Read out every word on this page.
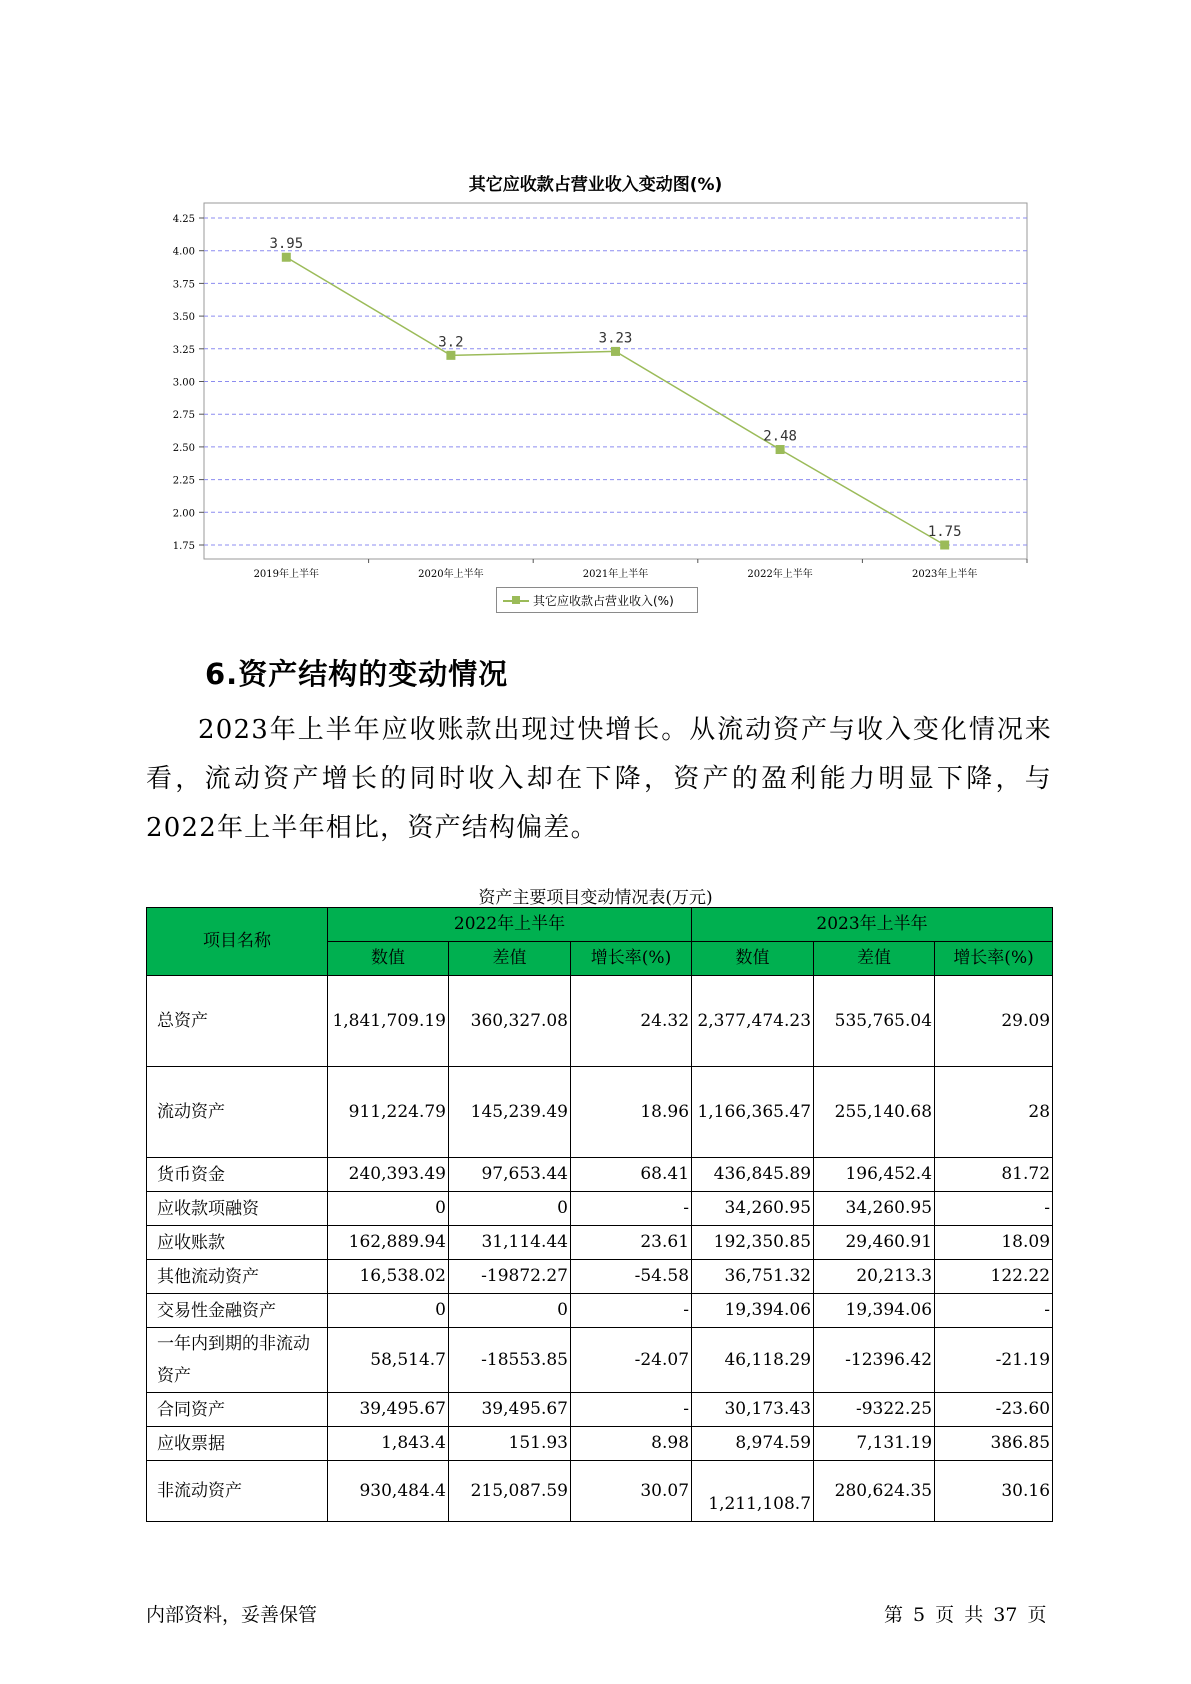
其它应收款占营业收入变动图(%)
1.75
2.00
2.25
2.50
2.75
3.00
3.25
3.50
3.75
4.00
4.25
2019年上半年	2020年上半年	2021年上半年	2022年上半年	2023年上半年
3.95
3.2	3.23
2.48
1.75
其它应收款占营业收入(%)
6.资产结构的变动情况

2023年上半年应收账款出现过快增长。从流动资产与收入变化情况来看，流动资产增长的同时收入却在下降，资产的盈利能力明显下降，与2022年上半年相比，资产结构偏差。

资产主要项目变动情况表(万元)
项目名称	2022年上半年			2023年上半年		
	数值	差值	增长率(%)	数值	差值	增长率(%)
总资产	1,841,709.19	360,327.08	24.32	2,377,474.23	535,765.04	29.09
流动资产	911,224.79	145,239.49	18.96	1,166,365.47	255,140.68	28
货币资金	240,393.49	97,653.44	68.41	436,845.89	196,452.4	81.72
应收款项融资	0	0	-	34,260.95	34,260.95	-
应收账款	162,889.94	31,114.44	23.61	192,350.85	29,460.91	18.09
其他流动资产	16,538.02	-19872.27	-54.58	36,751.32	20,213.3	122.22
交易性金融资产	0	0	-	19,394.06	19,394.06	-
一年内到期的非流动资产	58,514.7	-18553.85	-24.07	46,118.29	-12396.42	-21.19
合同资产	39,495.67	39,495.67	-	30,173.43	-9322.25	-23.60
应收票据	1,843.4	151.93	8.98	8,974.59	7,131.19	386.85
非流动资产	930,484.4	215,087.59	30.07	1,211,108.7	280,624.35	30.16
内部资料，妥善保管	第 5 页 共 37 页
